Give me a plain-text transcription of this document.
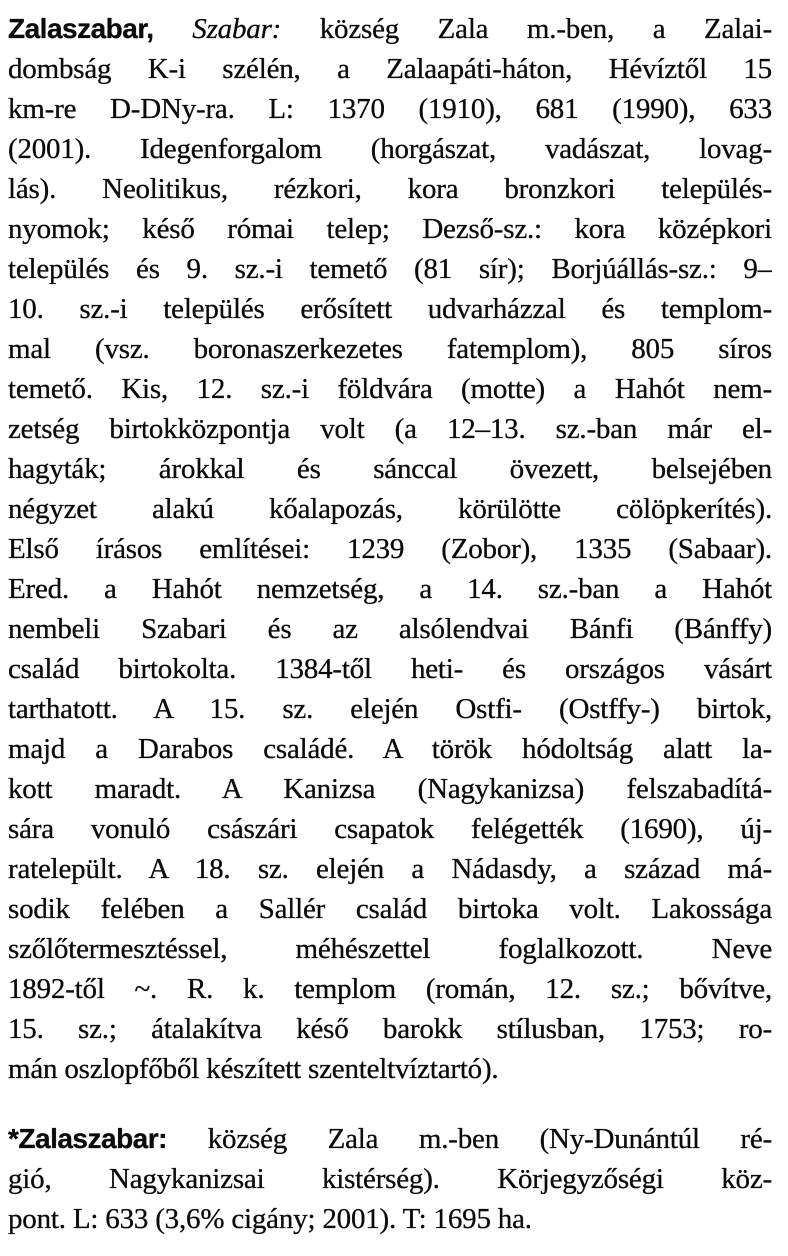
Zalaszabar, Szabar: község Zala m.-ben, a Zalai-
dombság K-i szélén, a Zalaapáti-háton, Hévíztől 15
km-re D-DNy-ra. L: 1370 (1910), 681 (1990), 633
(2001). Idegenforgalom (horgászat, vadászat, lovag-
lás). Neolitikus, rézkori, kora bronzkori település-
nyomok; késő római telep; Dezső-sz.: kora középkori
település és 9. sz.-i temető (81 sír); Borjúállás-sz.: 9–
10. sz.-i település erősített udvarházzal és templom-
mal (vsz. boronaszerkezetes fatemplom), 805 síros
temető. Kis, 12. sz.-i földvára (motte) a Hahót nem-
zetség birtokközpontja volt (a 12–13. sz.-ban már el-
hagyták; árokkal és sánccal övezett, belsejében
négyzet alakú kőalapozás, körülötte cölöpkerítés).
Első írásos említései: 1239 (Zobor), 1335 (Sabaar).
Ered. a Hahót nemzetség, a 14. sz.-ban a Hahót
nembeli Szabari és az alsólendvai Bánfi (Bánffy)
család birtokolta. 1384-től heti- és országos vásárt
tarthatott. A 15. sz. elején Ostfi- (Ostffy-) birtok,
majd a Darabos családé. A török hódoltság alatt la-
kott maradt. A Kanizsa (Nagykanizsa) felszabadítá-
sára vonuló császári csapatok felégették (1690), új-
ratelepült. A 18. sz. elején a Nádasdy, a század má-
sodik felében a Sallér család birtoka volt. Lakossága
szőlőtermesztéssel, méhészettel foglalkozott. Neve
1892-től ~. R. k. templom (román, 12. sz.; bővítve,
15. sz.; átalakítva késő barokk stílusban, 1753; ro-
mán oszlopfőből készített szenteltvíztartó).
*Zalaszabar: község Zala m.-ben (Ny-Dunántúl ré-
gió, Nagykanizsai kistérség). Körjegyzőségi köz-
pont. L: 633 (3,6% cigány; 2001). T: 1695 ha.
